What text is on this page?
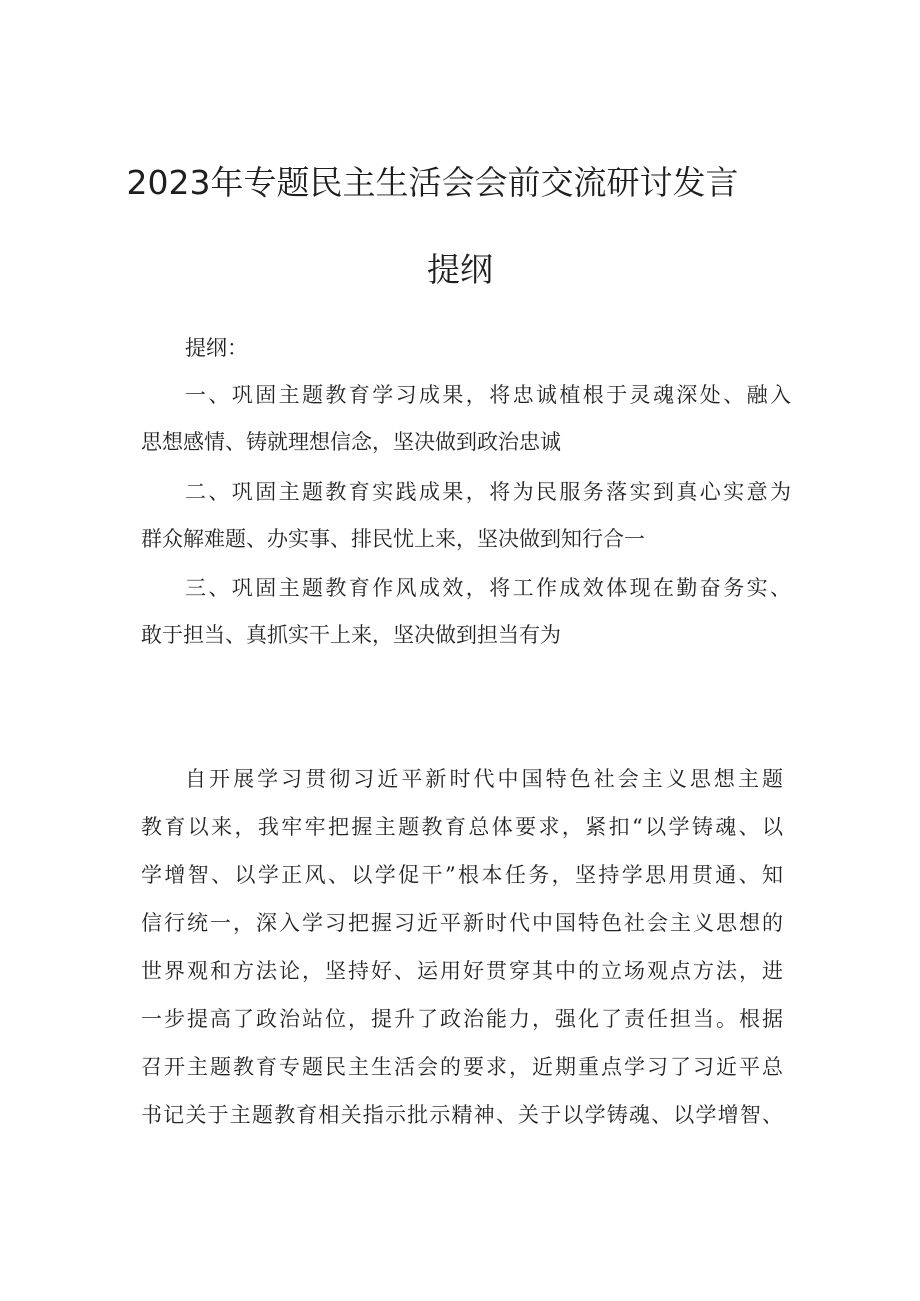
2023年专题民主生活会会前交流研讨发言
提纲
提纲：
一、巩固主题教育学习成果，将忠诚植根于灵魂深处、融入
思想感情、铸就理想信念，坚决做到政治忠诚
二、巩固主题教育实践成果，将为民服务落实到真心实意为
群众解难题、办实事、排民忧上来，坚决做到知行合一
三、巩固主题教育作风成效，将工作成效体现在勤奋务实、
敢于担当、真抓实干上来，坚决做到担当有为
自开展学习贯彻习近平新时代中国特色社会主义思想主题
教育以来，我牢牢把握主题教育总体要求，紧扣“以学铸魂、以
学增智、以学正风、以学促干”根本任务，坚持学思用贯通、知
信行统一，深入学习把握习近平新时代中国特色社会主义思想的
世界观和方法论，坚持好、运用好贯穿其中的立场观点方法，进
一步提高了政治站位，提升了政治能力，强化了责任担当。根据
召开主题教育专题民主生活会的要求，近期重点学习了习近平总
书记关于主题教育相关指示批示精神、关于以学铸魂、以学增智、
